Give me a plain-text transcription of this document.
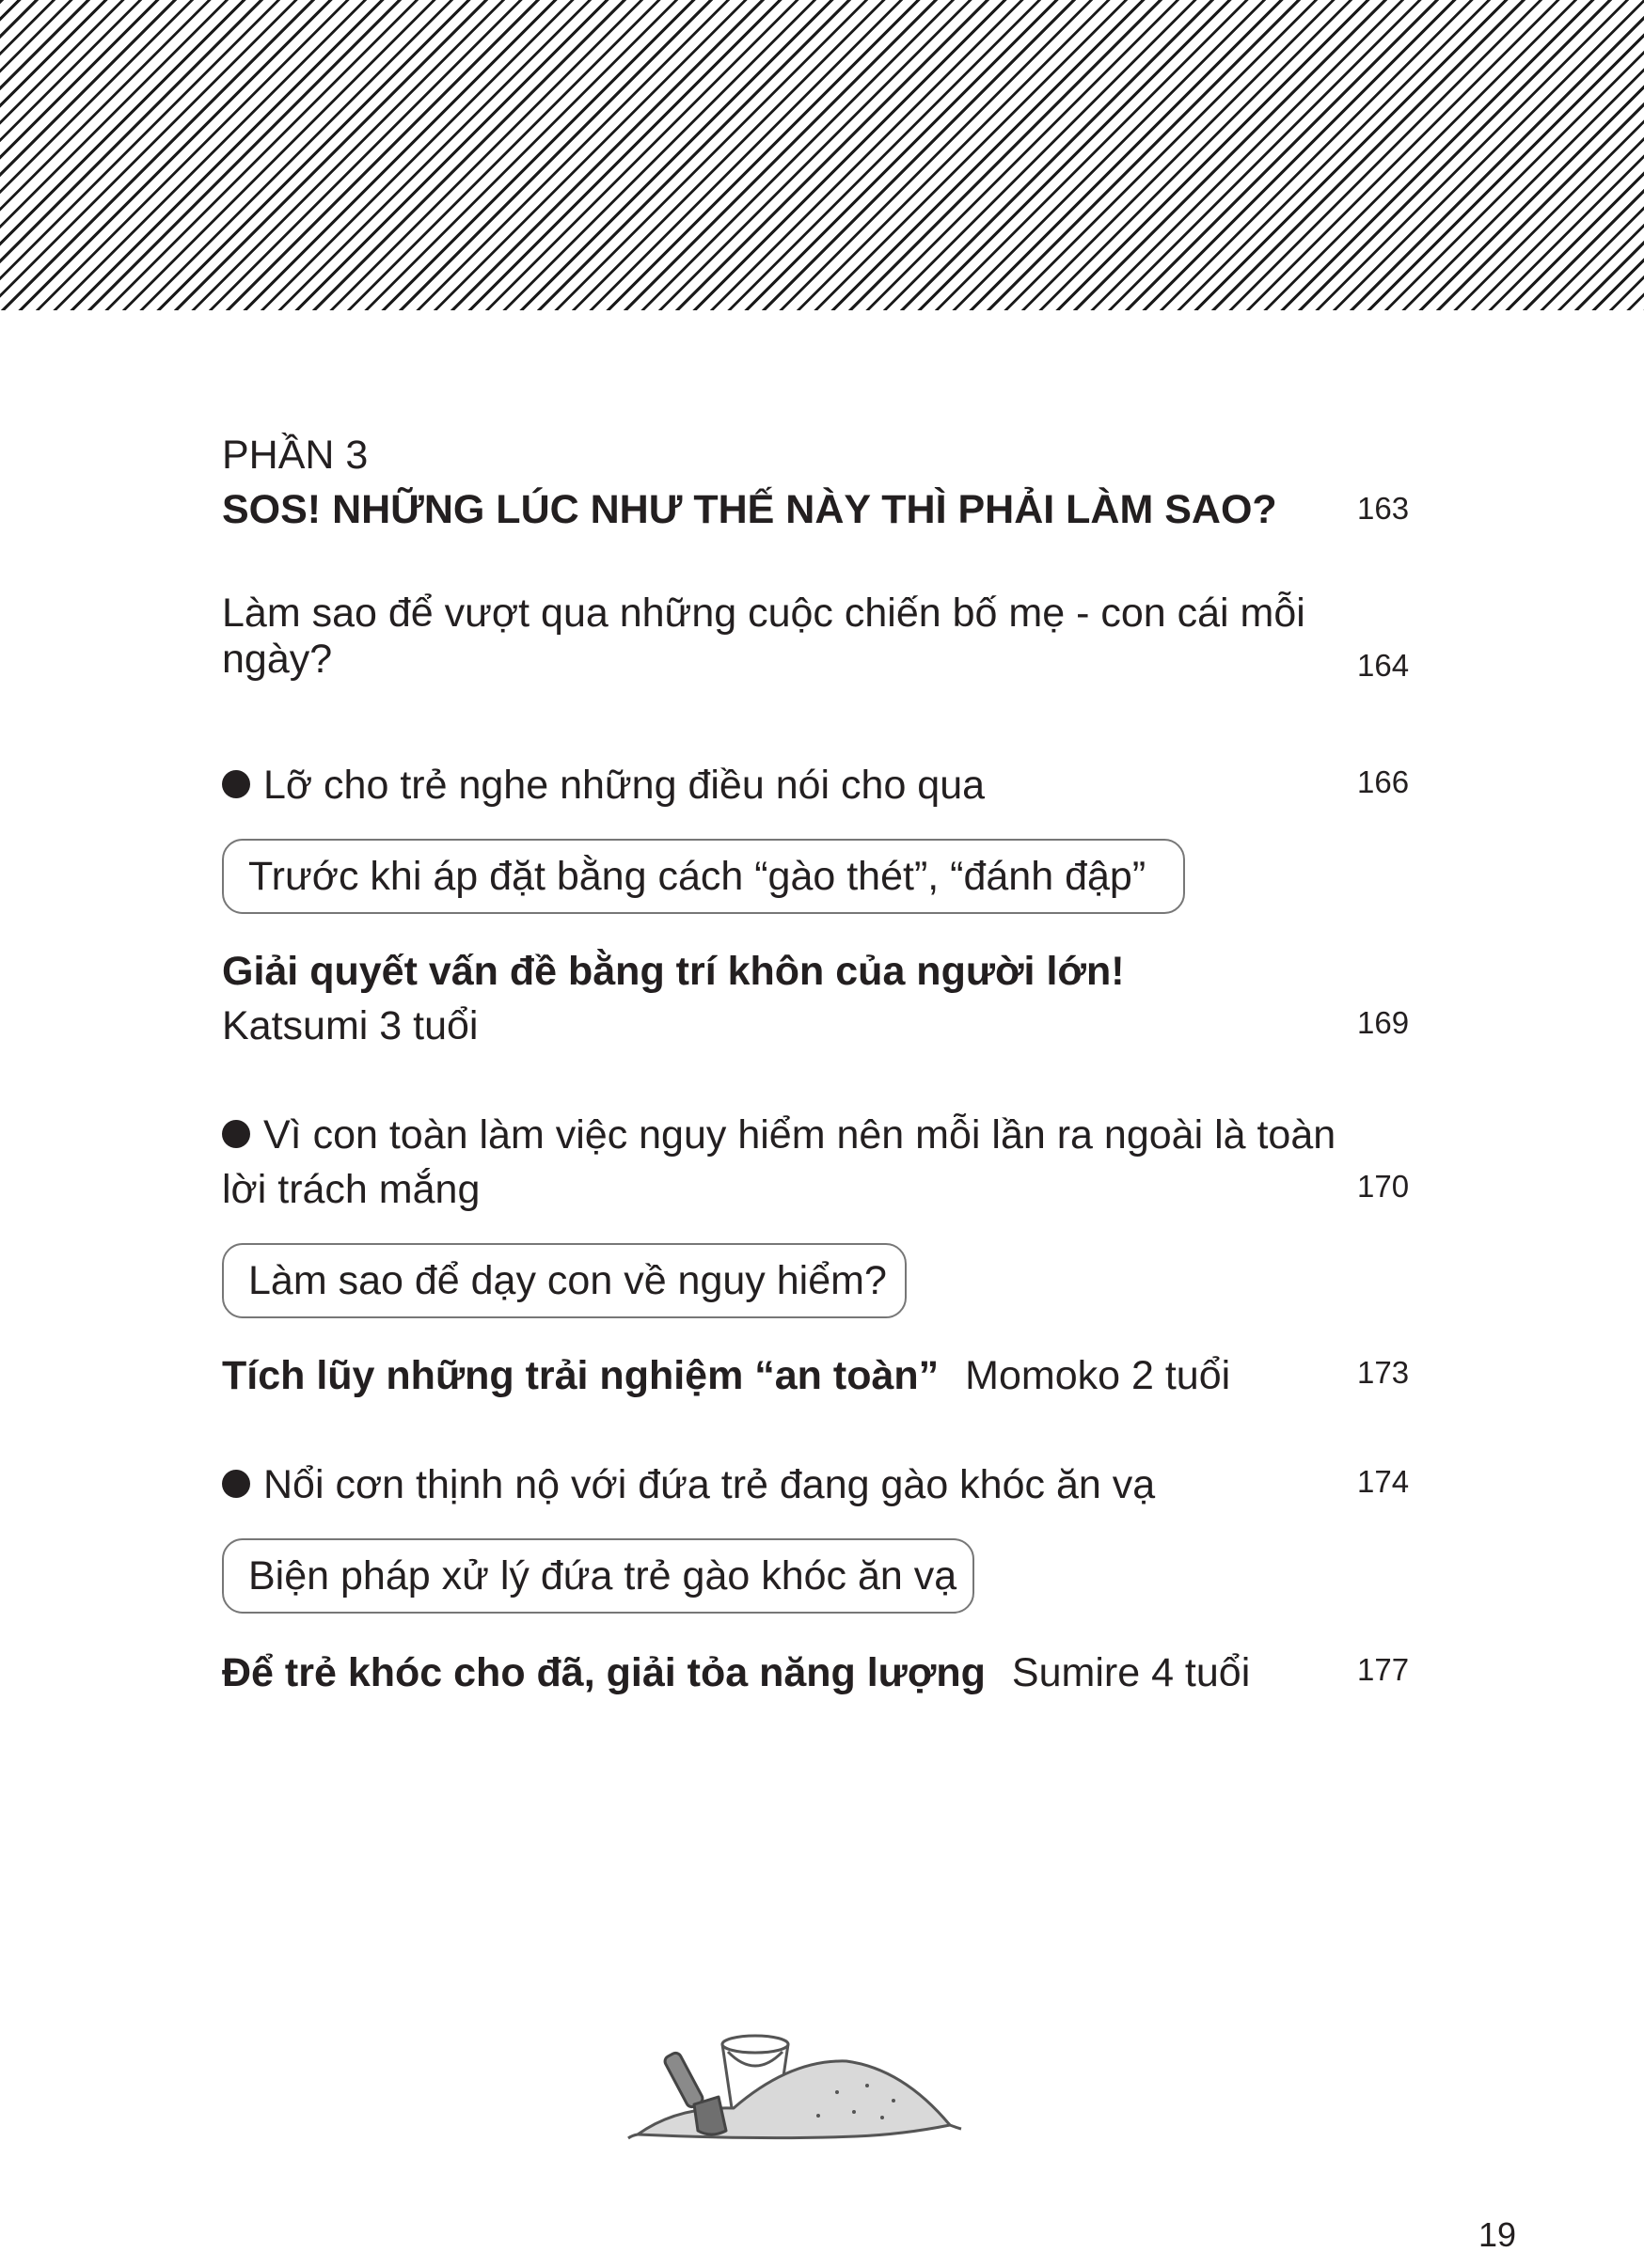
PHẦN 3
SOS! NHỮNG LÚC NHƯ THẾ NÀY THÌ PHẢI LÀM SAO?	163
Làm sao để vượt qua những cuộc chiến bố mẹ - con cái mỗi
ngày?	164
Lỡ cho trẻ nghe những điều nói cho qua	166
Trước khi áp đặt bằng cách “gào thét”, “đánh đập”
Giải quyết vấn đề bằng trí khôn của người lớn!
Katsumi 3 tuổi	169
Vì con toàn làm việc nguy hiểm nên mỗi lần ra ngoài là toàn
lời trách mắng	170
Làm sao để dạy con về nguy hiểm?
Tích lũy những trải nghiệm “an toàn” Momoko 2 tuổi	173
Nổi cơn thịnh nộ với đứa trẻ đang gào khóc ăn vạ	174
Biện pháp xử lý đứa trẻ gào khóc ăn vạ
Để trẻ khóc cho đã, giải tỏa năng lượng Sumire 4 tuổi	177
19
